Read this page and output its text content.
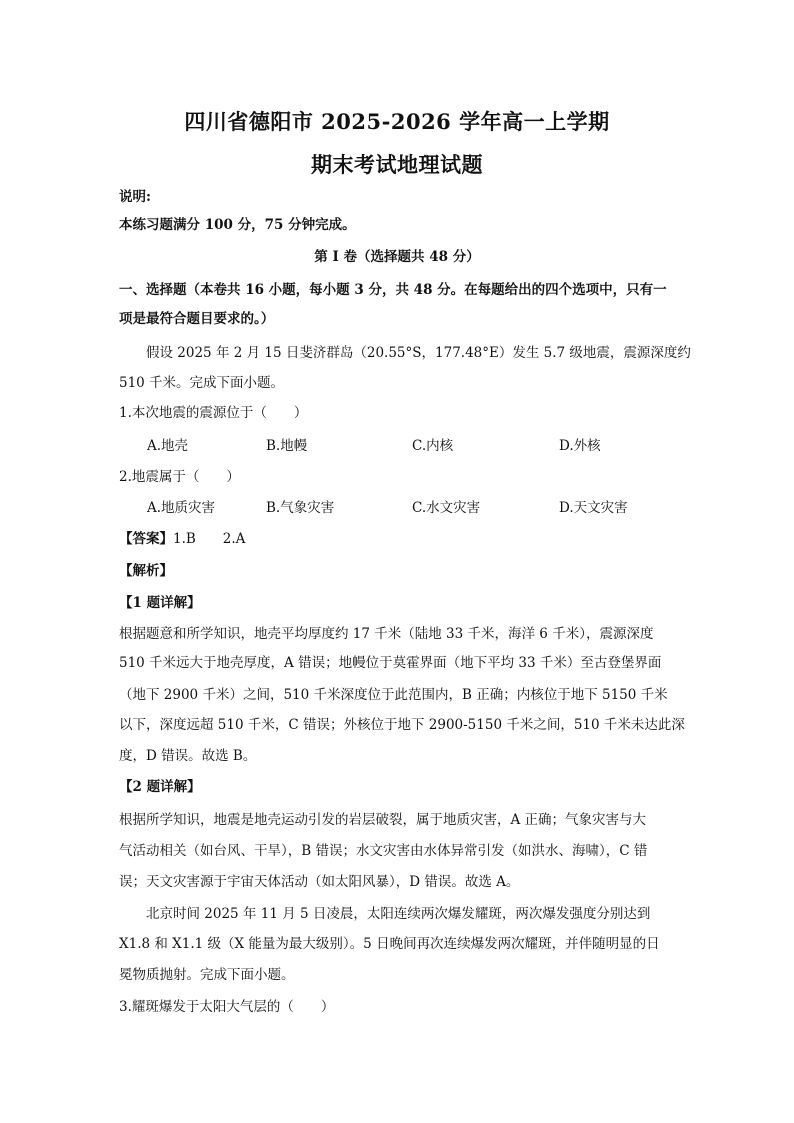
四川省德阳市 2025-2026 学年高一上学期
期末考试地理试题
说明:
本练习题满分 100 分，75 分钟完成。
第 I 卷（选择题共 48 分）
一、选择题（本卷共 16 小题，每小题 3 分，共 48 分。在每题给出的四个选项中，只有一
项是最符合题目要求的。）
假设 2025 年 2 月 15 日斐济群岛（20.55°S，177.48°E）发生 5.7 级地震，震源深度约
510 千米。完成下面小题。
1.本次地震的震源位于（　　）
A.地壳	B.地幔	C.内核	D.外核
2.地震属于（　　）
A.地质灾害	B.气象灾害	C.水文灾害	D.天文灾害
【答案】1.B　　2.A
【解析】
【1 题详解】
根据题意和所学知识，地壳平均厚度约 17 千米（陆地 33 千米，海洋 6 千米），震源深度
510 千米远大于地壳厚度，A 错误；地幔位于莫霍界面（地下平均 33 千米）至古登堡界面
（地下 2900 千米）之间，510 千米深度位于此范围内，B 正确；内核位于地下 5150 千米
以下，深度远超 510 千米，C 错误；外核位于地下 2900-5150 千米之间，510 千米未达此深
度，D 错误。故选 B。
【2 题详解】
根据所学知识，地震是地壳运动引发的岩层破裂，属于地质灾害，A 正确；气象灾害与大
气活动相关（如台风、干旱），B 错误；水文灾害由水体异常引发（如洪水、海啸），C 错
误；天文灾害源于宇宙天体活动（如太阳风暴），D 错误。故选 A。
北京时间 2025 年 11 月 5 日凌晨，太阳连续两次爆发耀斑，两次爆发强度分别达到
X1.8 和 X1.1 级（X 能量为最大级别）。5 日晚间再次连续爆发两次耀斑，并伴随明显的日
冕物质抛射。完成下面小题。
3.耀斑爆发于太阳大气层的（　　）
